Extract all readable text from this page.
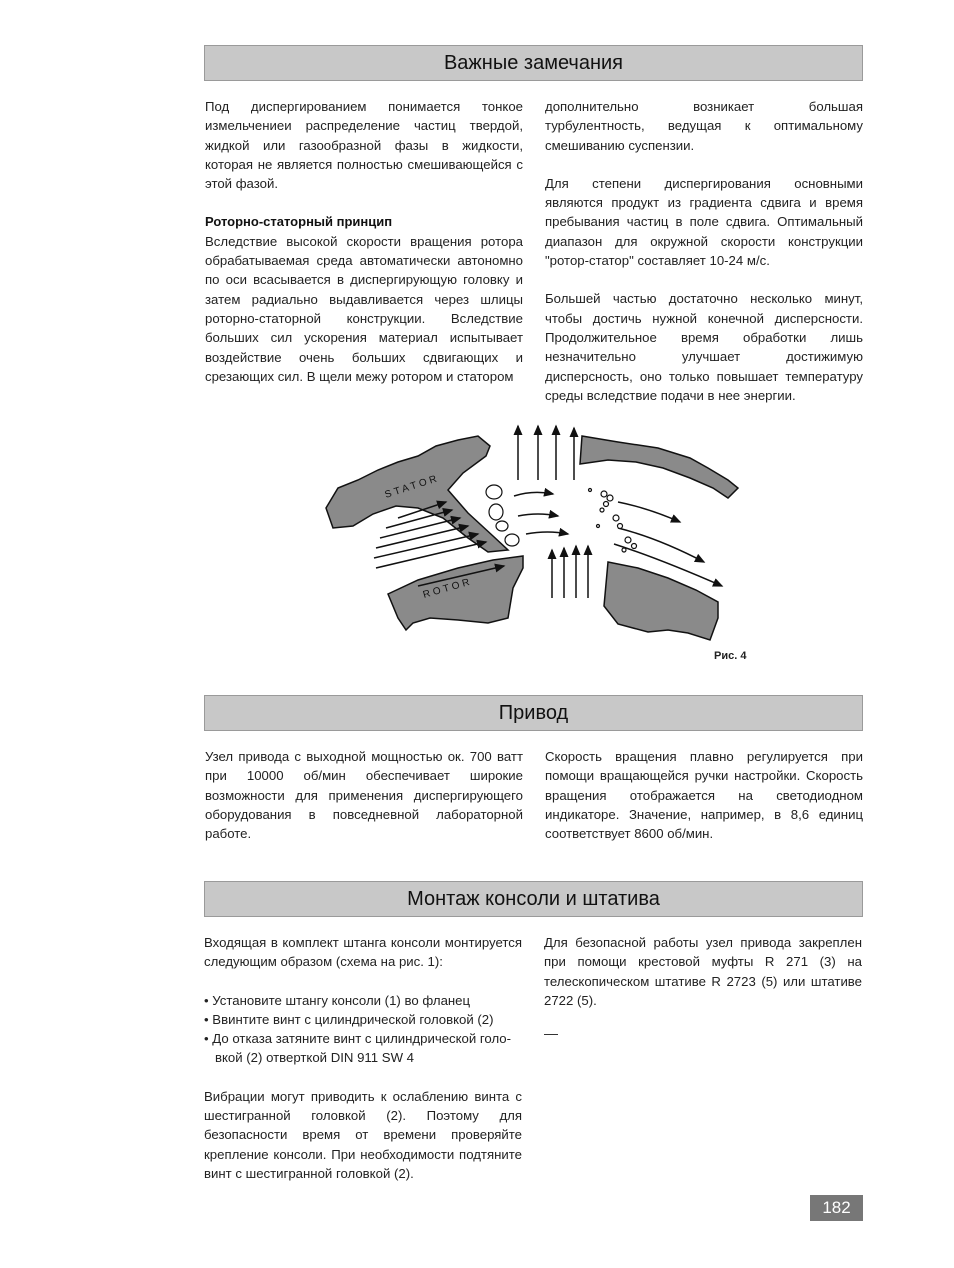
Важные замечания

Под диспергированием понимается тонкое измельчениеи распределение частиц твердой, жидкой или газообразной фазы в жидкости, которая не является полностью смешивающейся с этой фазой.

Роторно-статорный принцип

Вследствие высокой скорости вращения ротора обрабатываемая среда автоматически автономно по оси всасывается в диспергирующую головку и затем радиально выдавливается через шлицы роторно-статорной конструкции. Вследствие больших сил ускорения материал испытывает воздействие очень больших сдвигающих и срезающих сил. В щели межу ротором и статором

дополнительно возникает большая турбулентность, ведущая к оптимальному смешиванию суспензии.

Для степени диспергирования основными являются продукт из градиента сдвига и время пребывания частиц в поле сдвига. Оптимальный диапазон для окружной скорости конструкции "ротор-статор" составляет 10-24 м/с.

Большей частью достаточно несколько минут, чтобы достичь нужной конечной дисперсности. Продолжительное время обработки лишь незначительно улучшает достижимую дисперсность, оно только повышает температуру среды вследствие подачи в нее энергии.

STATOR
ROTOR
Рис. 4
Привод

Узел привода с выходной мощностью ок. 700 ватт при 10000 об/мин обеспечивает широкие возможности для применения диспергирующего оборудования в повседневной лабораторной работе.

Скорость вращения плавно регулируется при помощи вращающейся ручки настройки. Скорость вращения отображается на светодиодном индикаторе. Значение, например, в 8,6 единиц соответствует 8600 об/мин.

Монтаж консоли и штатива

Входящая в комплект штанга консоли монтируется следующим образом (схема на рис. 1):

• Установите штангу консоли (1) во фланец

• Ввинтите винт с цилиндрической головкой (2)

• До отказа затяните винт с цилиндрической голо-вкой (2) отверткой DIN 911 SW 4

Вибрации могут приводить к ослаблению винта с шестигранной головкой (2). Поэтому для безопасности время от времени проверяйте крепление консоли. При необходимости подтяните винт с шестигранной головкой (2).

Для безопасной работы узел привода закреплен при помощи крестовой муфты R 271 (3) на телескопическом штативе R 2723 (5) или штативе 2722 (5).

182
